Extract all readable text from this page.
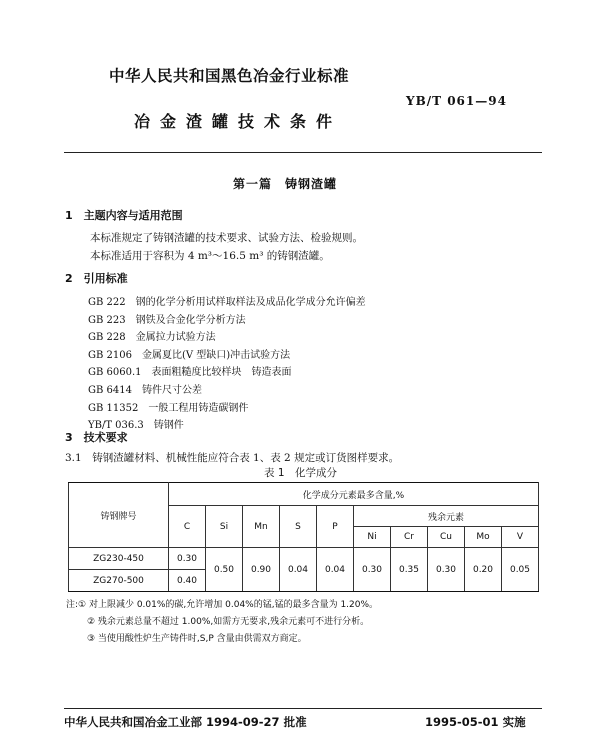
中华人民共和国黑色冶金行业标准
YB/T 061—94
冶金渣罐技术条件
第一篇　铸钢渣罐
1　主题内容与适用范围
本标准规定了铸钢渣罐的技术要求、试验方法、检验规则。
本标准适用于容积为 4 m³～16.5 m³ 的铸钢渣罐。
2　引用标准
GB 222　钢的化学分析用试样取样法及成品化学成分允许偏差
GB 223　钢铁及合金化学分析方法
GB 228　金属拉力试验方法
GB 2106　金属夏比(V 型缺口)冲击试验方法
GB 6060.1　表面粗糙度比较样块　铸造表面
GB 6414　铸件尺寸公差
GB 11352　一般工程用铸造碳钢件
YB/T 036.3　铸钢件
3　技术要求
3.1　铸钢渣罐材料、机械性能应符合表 1、表 2 规定或订货图样要求。
表 1　化学成分
铸钢牌号	化学成分元素最多含量,%									
	C	Si	Mn	S	P	残余元素				
						Ni	Cr	Cu	Mo	V
ZG230-450	0.30	0.50	0.90	0.04	0.04	0.30	0.35	0.30	0.20	0.05
ZG270-500	0.40									
注:① 对上限减少 0.01%的碳,允许增加 0.04%的锰,锰的最多含量为 1.20%。
② 残余元素总量不超过 1.00%,如需方无要求,残余元素可不进行分析。
③ 当使用酸性炉生产铸件时,S,P 含量由供需双方商定。
中华人民共和国冶金工业部 1994-09-27 批准	1995-05-01 实施
